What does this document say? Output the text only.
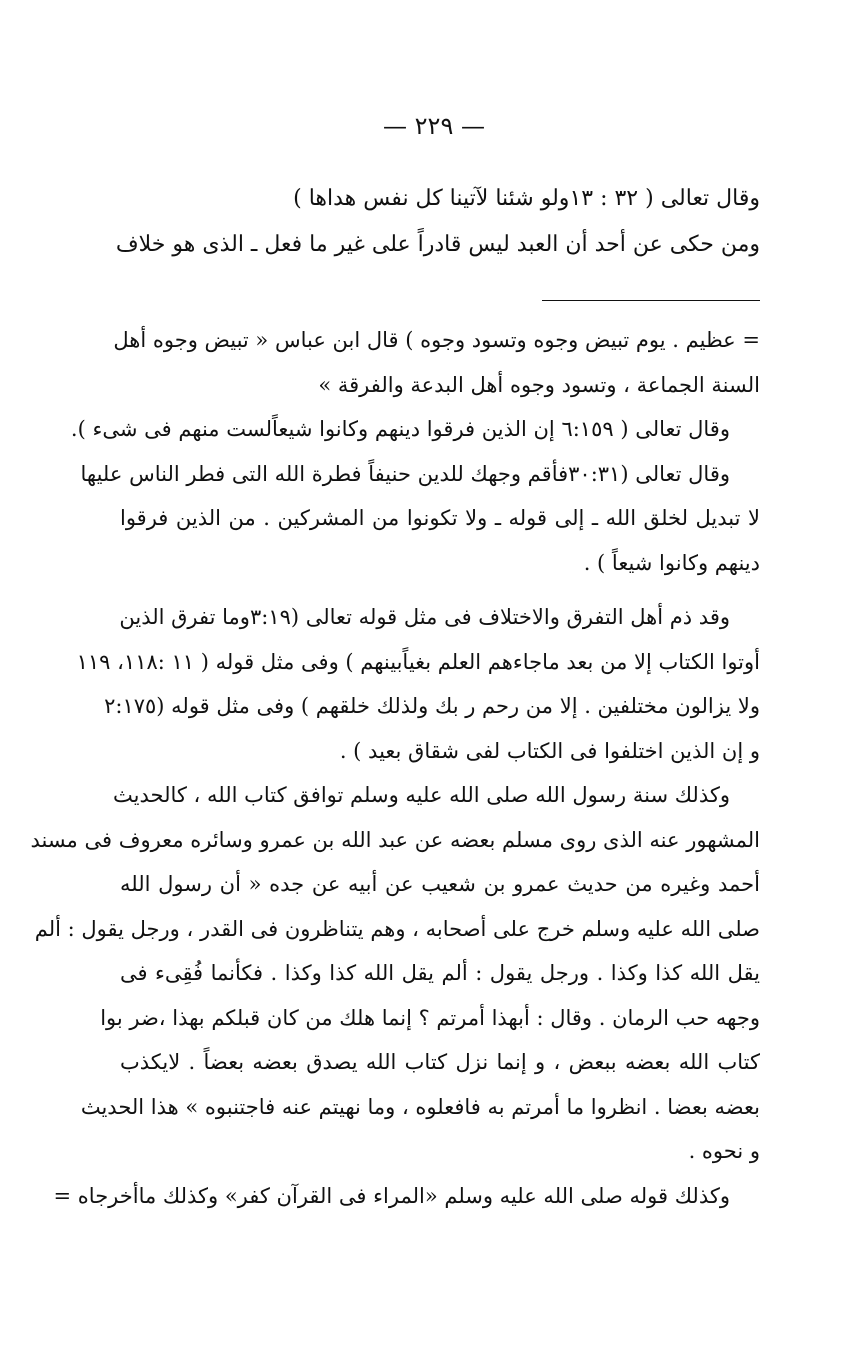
— ٢٢٩ —
وقال تعالى ( ٣٢ : ١٣ولو شئنا لآتينا كل نفس هداها )
ومن حكى عن أحد أن العبد ليس قادراً على غير ما فعل ـ الذى هو خلاف
= عظيم . يوم تبيض وجوه وتسود وجوه ) قال ابن عباس « تبيض وجوه أهل
السنة الجماعة ، وتسود وجوه أهل البدعة والفرقة »
وقال تعالى ( ٦:١٥٩ إن الذين فرقوا دينهم وكانوا شيعاًلست منهم فى شىء ).
وقال تعالى (٣٠:٣١فأقم وجهك للدين حنيفاً فطرة الله التى فطر الناس عليها
لا تبديل لخلق الله ـ إلى قوله ـ ولا تكونوا من المشركين . من الذين فرقوا
دينهم وكانوا شيعاً ) .
وقد ذم أهل التفرق والاختلاف فى مثل قوله تعالى (٣:١٩وما تفرق الذين
أوتوا الكتاب إلا من بعد ماجاءهم العلم بغياًبينهم ) وفى مثل قوله ( ١١ :١١٨، ١١٩
ولا يزالون مختلفين . إلا من رحم ر بك ولذلك خلقهم ) وفى مثل قوله (٢:١٧٥
و إن الذين اختلفوا فى الكتاب لفى شقاق بعيد ) .
وكذلك سنة رسول الله صلى الله عليه وسلم توافق كتاب الله ، كالحديث
المشهور عنه الذى روى مسلم بعضه عن عبد الله بن عمرو وسائره معروف فى مسند
أحمد وغيره من حديث عمرو بن شعيب عن أبيه عن جده « أن رسول الله
صلى الله عليه وسلم خرج على أصحابه ، وهم يتناظرون فى القدر ، ورجل يقول : ألم
يقل الله كذا وكذا . ورجل يقول : ألم يقل الله كذا وكذا . فكأنما فُقِىء فى
وجهه حب الرمان . وقال : أبهذا أمرتم ؟ إنما هلك من كان قبلكم بهذا ،ضر بوا
كتاب الله بعضه ببعض ، و إنما نزل كتاب الله يصدق بعضه بعضاً . لايكذب
بعضه بعضا . انظروا ما أمرتم به فافعلوه ، وما نهيتم عنه فاجتنبوه » هذا الحديث
و نحوه .
وكذلك قوله صلى الله عليه وسلم «المراء فى القرآن كفر» وكذلك ماأخرجاه =
